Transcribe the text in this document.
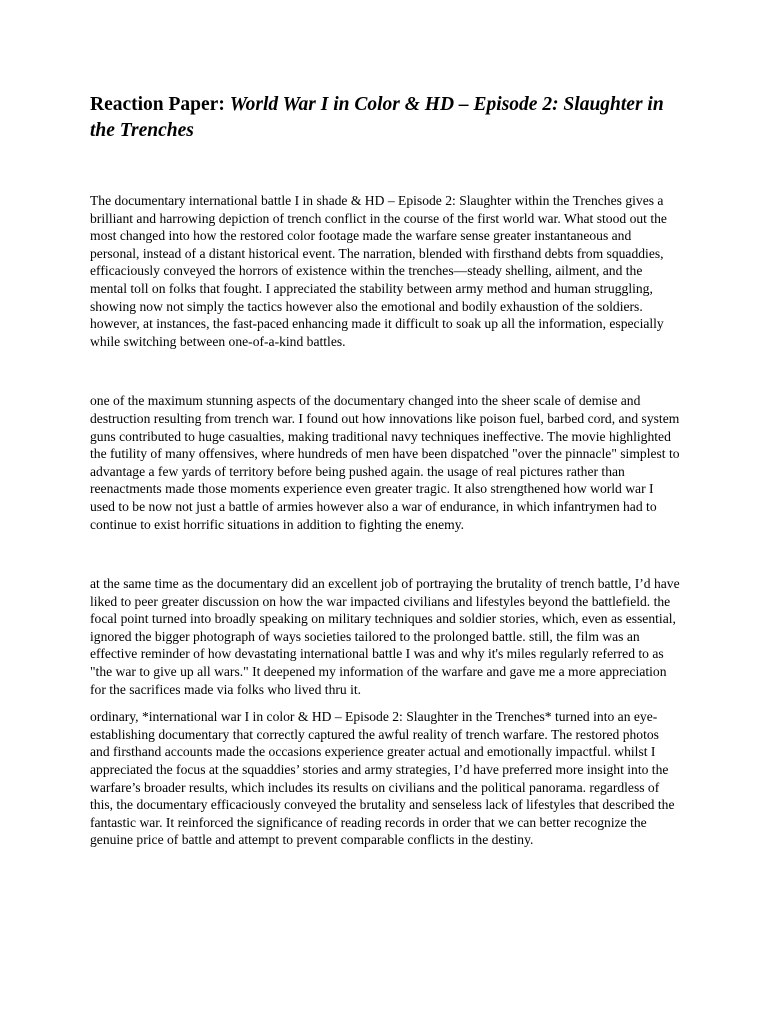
Reaction Paper: World War I in Color & HD – Episode 2: Slaughter in the Trenches

The documentary international battle I in shade & HD – Episode 2: Slaughter within the Trenches gives a brilliant and harrowing depiction of trench conflict in the course of the first world war. What stood out the most changed into how the restored color footage made the warfare sense greater instantaneous and personal, instead of a distant historical event. The narration, blended with firsthand debts from squaddies, efficaciously conveyed the horrors of existence within the trenches—steady shelling, ailment, and the mental toll on folks that fought. I appreciated the stability between army method and human struggling, showing now not simply the tactics however also the emotional and bodily exhaustion of the soldiers. however, at instances, the fast-paced enhancing made it difficult to soak up all the information, especially while switching between one-of-a-kind battles.

one of the maximum stunning aspects of the documentary changed into the sheer scale of demise and destruction resulting from trench war. I found out how innovations like poison fuel, barbed cord, and system guns contributed to huge casualties, making traditional navy techniques ineffective. The movie highlighted the futility of many offensives, where hundreds of men have been dispatched "over the pinnacle" simplest to advantage a few yards of territory before being pushed again. the usage of real pictures rather than reenactments made those moments experience even greater tragic. It also strengthened how world war I used to be now not just a battle of armies however also a war of endurance, in which infantrymen had to continue to exist horrific situations in addition to fighting the enemy.

at the same time as the documentary did an excellent job of portraying the brutality of trench battle, I’d have liked to peer greater discussion on how the war impacted civilians and lifestyles beyond the battlefield. the focal point turned into broadly speaking on military techniques and soldier stories, which, even as essential, ignored the bigger photograph of ways societies tailored to the prolonged battle. still, the film was an effective reminder of how devastating international battle I was and why it's miles regularly referred to as "the war to give up all wars." It deepened my information of the warfare and gave me a more appreciation for the sacrifices made via folks who lived thru it.

ordinary, *international war I in color & HD – Episode 2: Slaughter in the Trenches* turned into an eye-establishing documentary that correctly captured the awful reality of trench warfare. The restored photos and firsthand accounts made the occasions experience greater actual and emotionally impactful. whilst I appreciated the focus at the squaddies’ stories and army strategies, I’d have preferred more insight into the warfare’s broader results, which includes its results on civilians and the political panorama. regardless of this, the documentary efficaciously conveyed the brutality and senseless lack of lifestyles that described the fantastic war. It reinforced the significance of reading records in order that we can better recognize the genuine price of battle and attempt to prevent comparable conflicts in the destiny.
